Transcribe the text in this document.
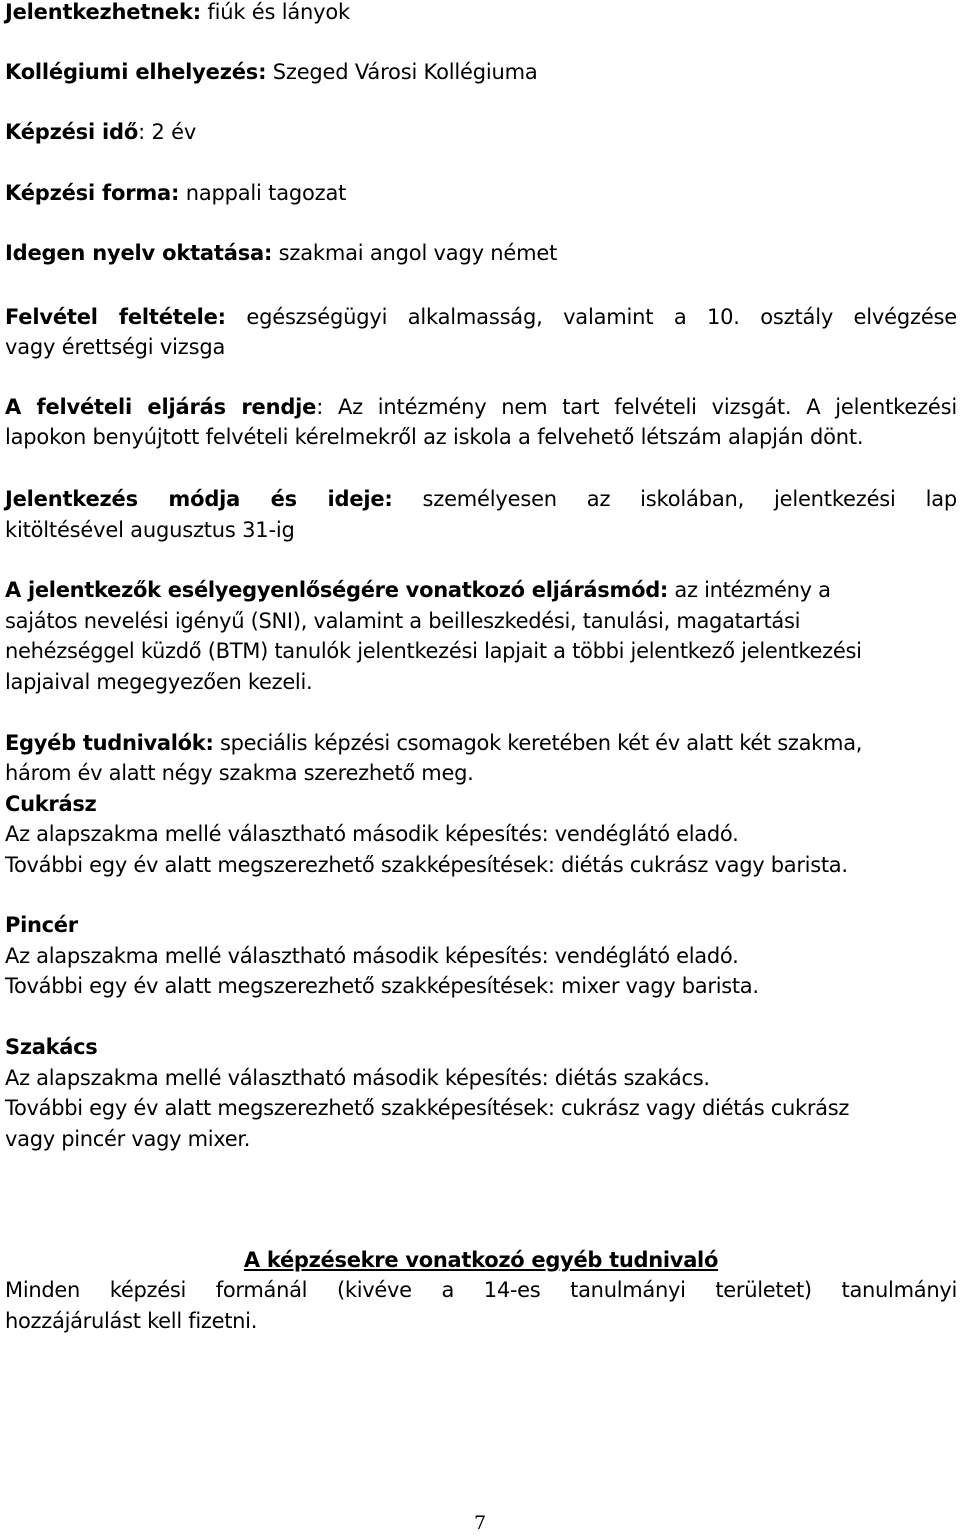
Jelentkezhetnek: fiúk és lányok
Kollégiumi elhelyezés: Szeged Városi Kollégiuma
Képzési idő: 2 év
Képzési forma: nappali tagozat
Idegen nyelv oktatása: szakmai angol vagy német
Felvétel feltétele: egészségügyi alkalmasság, valamint a 10. osztály elvégzése
vagy érettségi vizsga
A felvételi eljárás rendje: Az intézmény nem tart felvételi vizsgát. A jelentkezési
lapokon benyújtott felvételi kérelmekről az iskola a felvehető létszám alapján dönt.
Jelentkezés módja és ideje: személyesen az iskolában, jelentkezési lap
kitöltésével augusztus 31-ig
A jelentkezők esélyegyenlőségére vonatkozó eljárásmód: az intézmény a
sajátos nevelési igényű (SNI), valamint a beilleszkedési, tanulási, magatartási
nehézséggel küzdő (BTM) tanulók jelentkezési lapjait a többi jelentkező jelentkezési
lapjaival megegyezően kezeli.
Egyéb tudnivalók: speciális képzési csomagok keretében két év alatt két szakma,
három év alatt négy szakma szerezhető meg.
Cukrász
Az alapszakma mellé választható második képesítés: vendéglátó eladó.
További egy év alatt megszerezhető szakképesítések: diétás cukrász vagy barista.
Pincér
Az alapszakma mellé választható második képesítés: vendéglátó eladó.
További egy év alatt megszerezhető szakképesítések: mixer vagy barista.
Szakács
Az alapszakma mellé választható második képesítés: diétás szakács.
További egy év alatt megszerezhető szakképesítések: cukrász vagy diétás cukrász
vagy pincér vagy mixer.
A képzésekre vonatkozó egyéb tudnivaló
Minden képzési formánál (kivéve a 14-es tanulmányi területet) tanulmányi
hozzájárulást kell fizetni.
7
